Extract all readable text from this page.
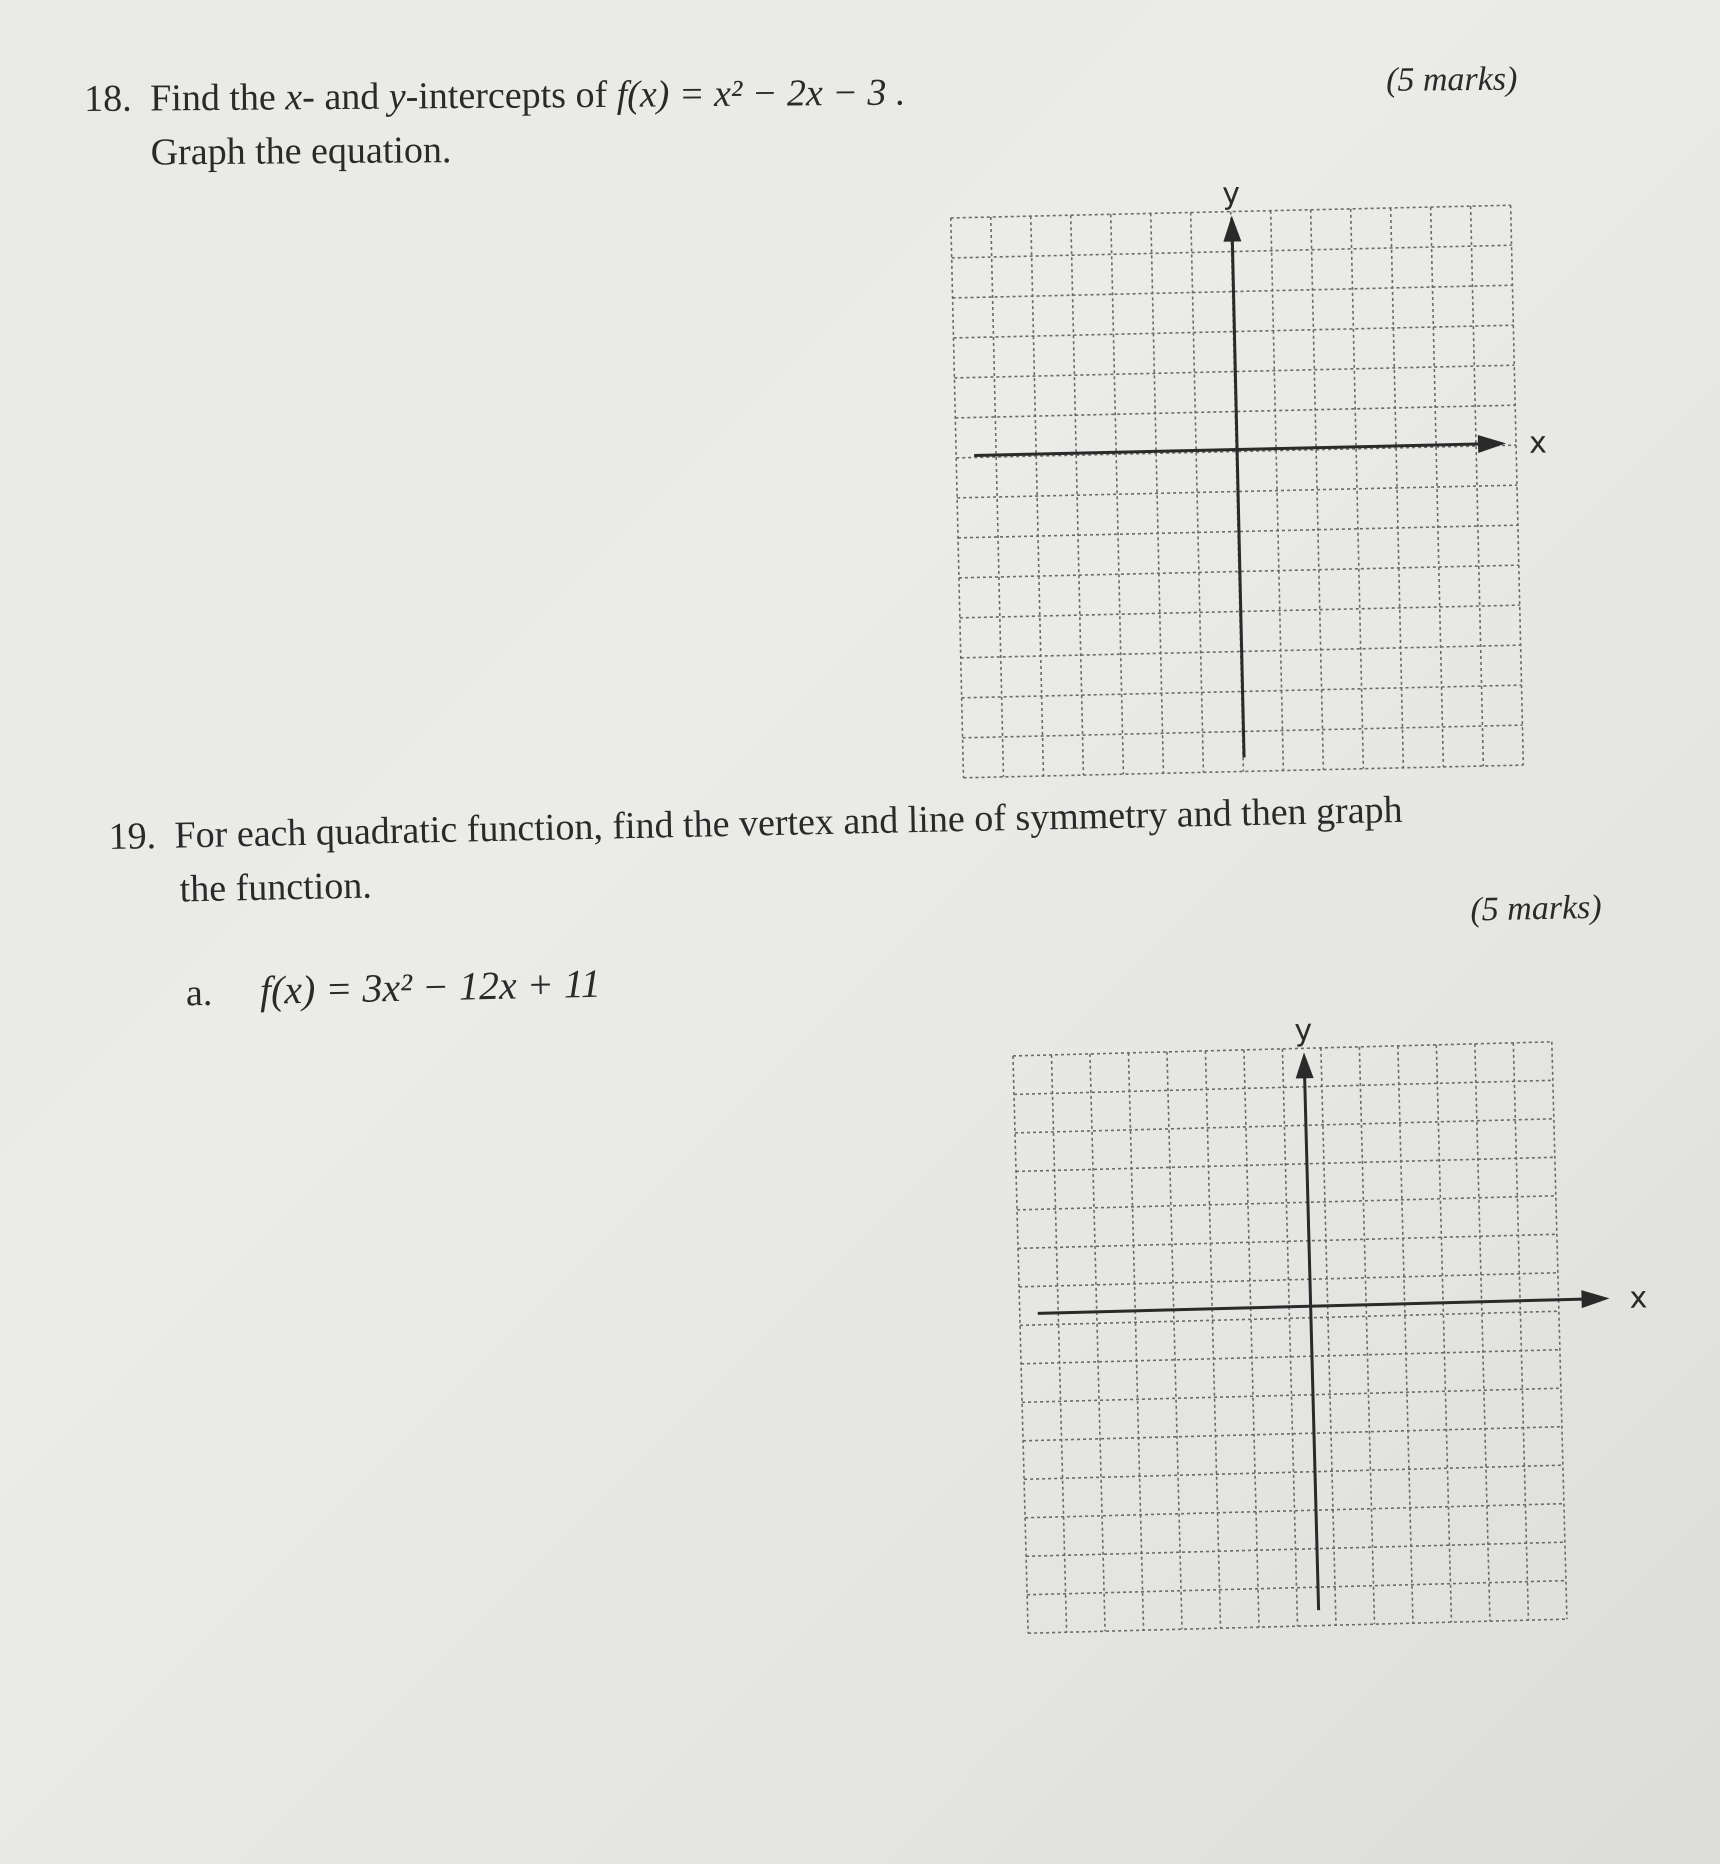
18. Find the x- and y-intercepts of f(x) = x² − 2x − 3 .
Graph the equation.
(5 marks)
x
y
19. For each quadratic function, find the vertex and line of symmetry and then graph
the function.	(5 marks)
a. f(x) = 3x² − 12x + 11
x
y
